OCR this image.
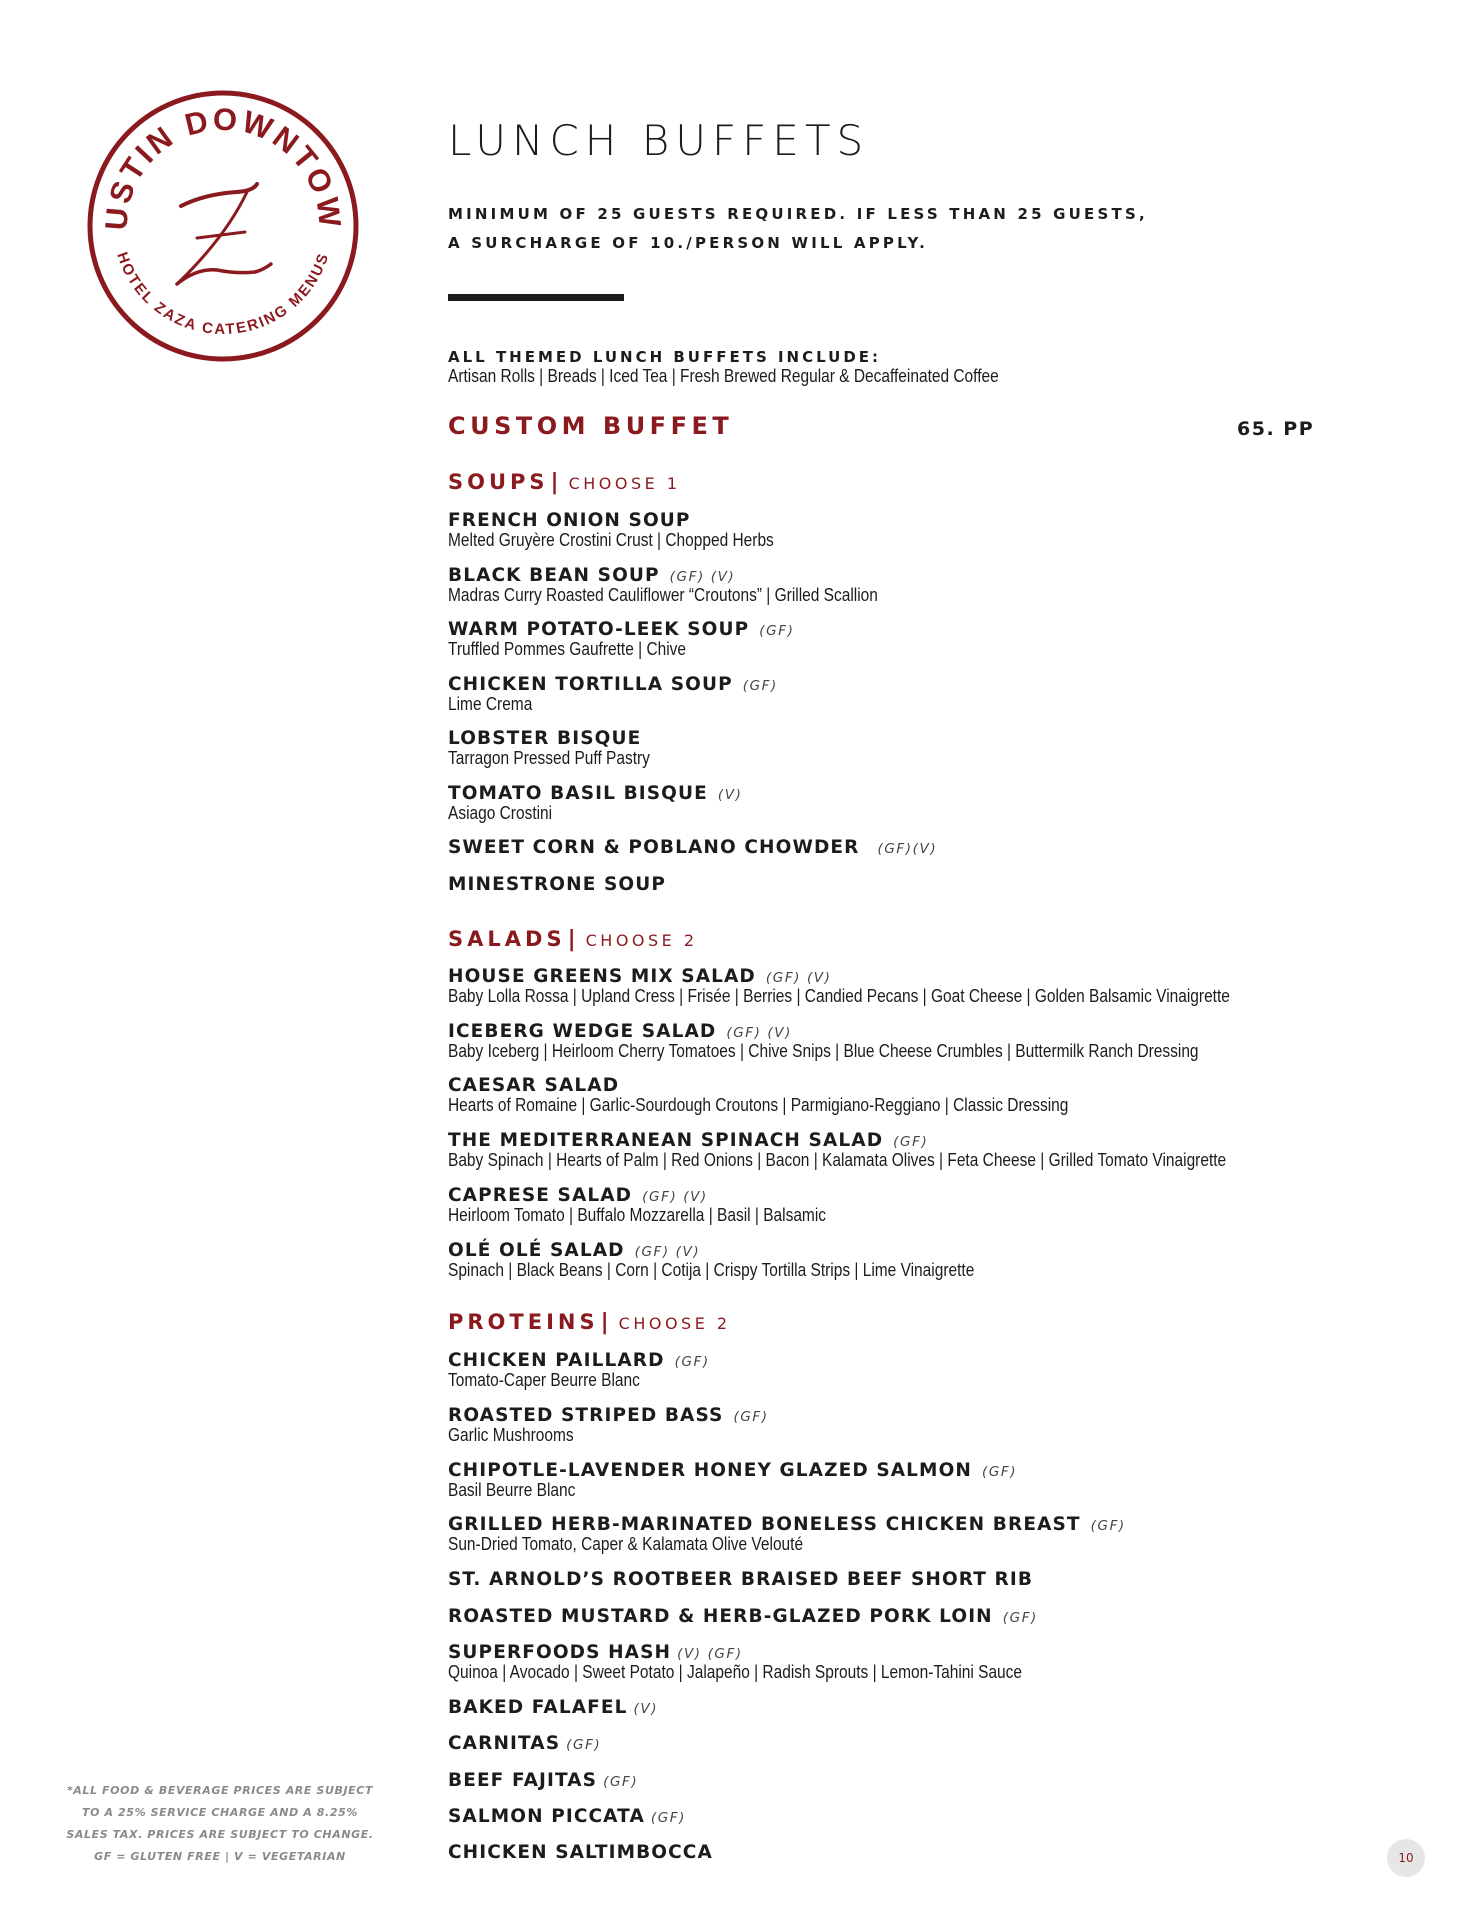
USTIN DOWNTOW
HOTEL ZAZA CATERING MENUS
LUNCH BUFFETS
MINIMUM OF 25 GUESTS REQUIRED. IF LESS THAN 25 GUESTS,
A SURCHARGE OF 10./PERSON WILL APPLY.
ALL THEMED LUNCH BUFFETS INCLUDE:
Artisan Rolls | Breads | Iced Tea | Fresh Brewed Regular & Decaffeinated Coffee
CUSTOM BUFFET	65. PP
SOUPS| CHOOSE 1
FRENCH ONION SOUP
Melted Gruyère Crostini Crust | Chopped Herbs
BLACK BEAN SOUP (GF) (V)
Madras Curry Roasted Cauliflower “Croutons” | Grilled Scallion
WARM POTATO-LEEK SOUP (GF)
Truffled Pommes Gaufrette | Chive
CHICKEN TORTILLA SOUP (GF)
Lime Crema
LOBSTER BISQUE
Tarragon Pressed Puff Pastry
TOMATO BASIL BISQUE (V)
Asiago Crostini
SWEET CORN & POBLANO CHOWDER (GF)(V)
MINESTRONE SOUP
SALADS| CHOOSE 2
HOUSE GREENS MIX SALAD (GF) (V)
Baby Lolla Rossa | Upland Cress | Frisée | Berries | Candied Pecans | Goat Cheese | Golden Balsamic Vinaigrette
ICEBERG WEDGE SALAD (GF) (V)
Baby Iceberg | Heirloom Cherry Tomatoes | Chive Snips | Blue Cheese Crumbles | Buttermilk Ranch Dressing
CAESAR SALAD
Hearts of Romaine | Garlic-Sourdough Croutons | Parmigiano-Reggiano | Classic Dressing
THE MEDITERRANEAN SPINACH SALAD (GF)
Baby Spinach | Hearts of Palm | Red Onions | Bacon | Kalamata Olives | Feta Cheese | Grilled Tomato Vinaigrette
CAPRESE SALAD (GF) (V)
Heirloom Tomato | Buffalo Mozzarella | Basil | Balsamic
OLÉ OLÉ SALAD (GF) (V)
Spinach | Black Beans | Corn | Cotija | Crispy Tortilla Strips | Lime Vinaigrette
PROTEINS| CHOOSE 2
CHICKEN PAILLARD (GF)
Tomato-Caper Beurre Blanc
ROASTED STRIPED BASS (GF)
Garlic Mushrooms
CHIPOTLE-LAVENDER HONEY GLAZED SALMON (GF)
Basil Beurre Blanc
GRILLED HERB-MARINATED BONELESS CHICKEN BREAST (GF)
Sun-Dried Tomato, Caper & Kalamata Olive Velouté
ST. ARNOLD’S ROOTBEER BRAISED BEEF SHORT RIB
ROASTED MUSTARD & HERB-GLAZED PORK LOIN (GF)
SUPERFOODS HASH (V) (GF)
Quinoa | Avocado | Sweet Potato | Jalapeño | Radish Sprouts | Lemon-Tahini Sauce
BAKED FALAFEL (V)
CARNITAS (GF)
BEEF FAJITAS (GF)
SALMON PICCATA (GF)
CHICKEN SALTIMBOCCA
*ALL FOOD & BEVERAGE PRICES ARE SUBJECT
TO A 25% SERVICE CHARGE AND A 8.25%
SALES TAX. PRICES ARE SUBJECT TO CHANGE.
GF = GLUTEN FREE | V = VEGETARIAN	10
